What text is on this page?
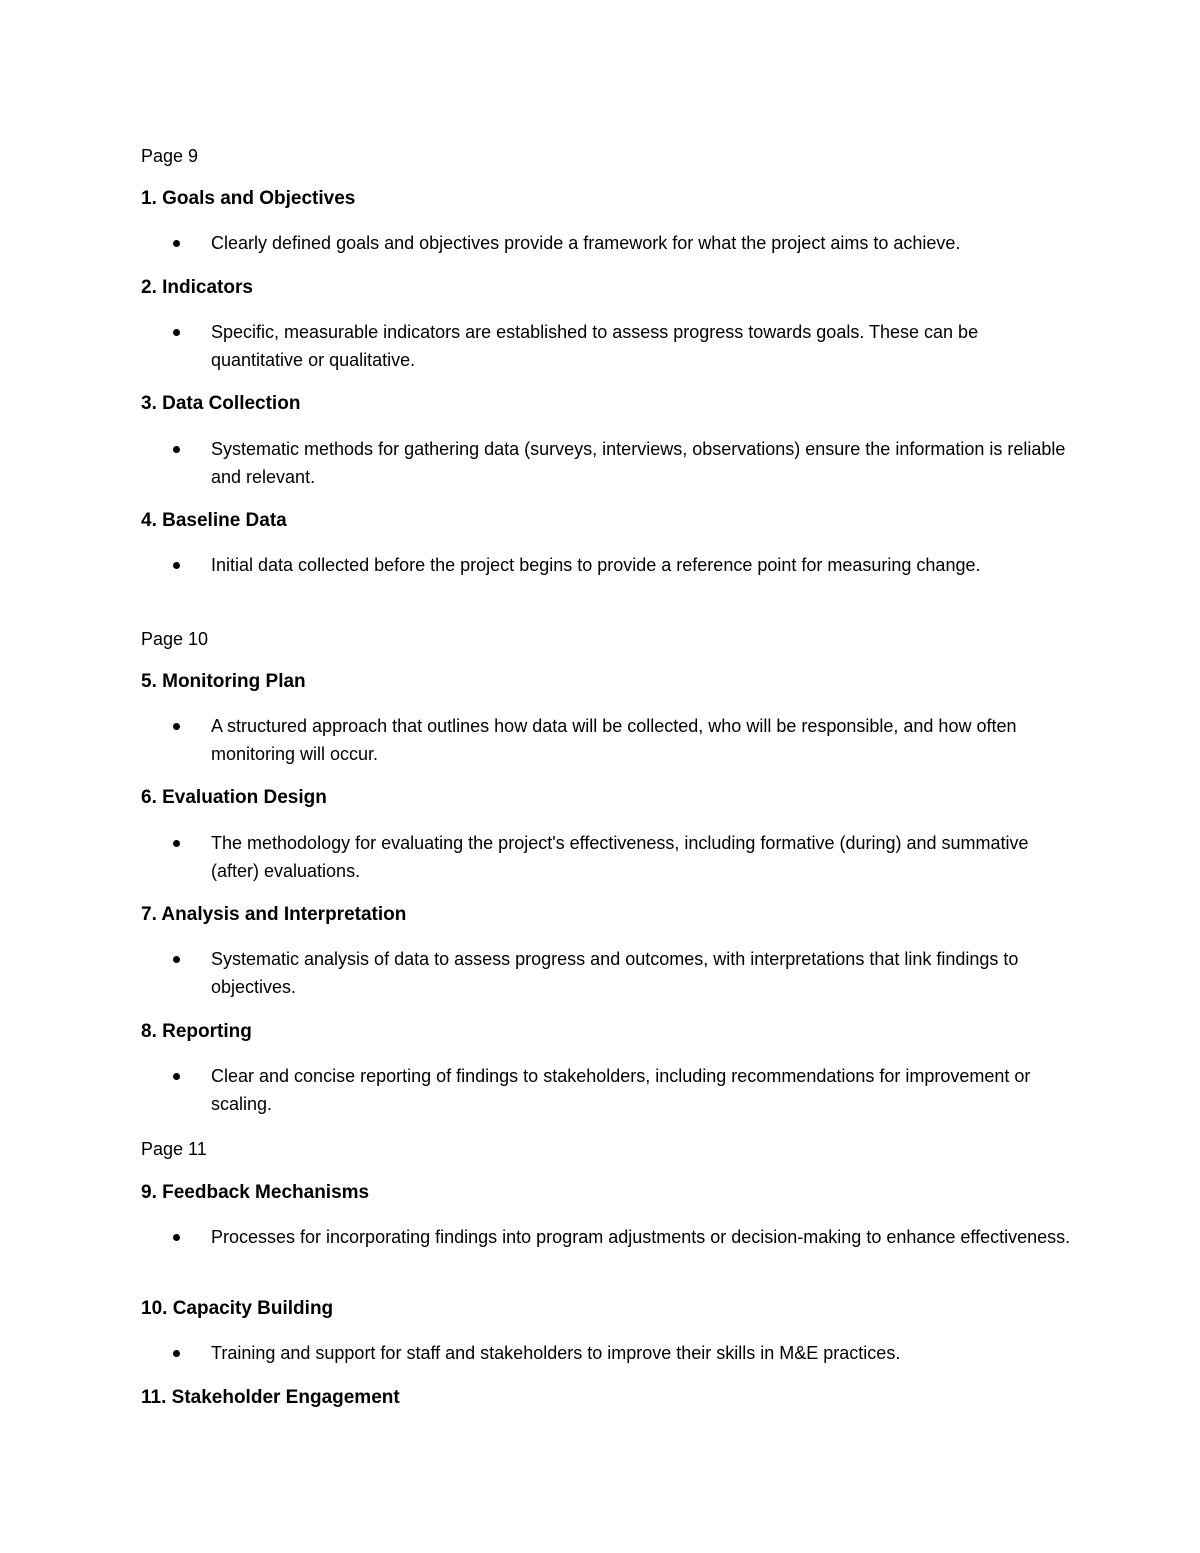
Page 9

1. Goals and Objectives

Clearly defined goals and objectives provide a framework for what the project aims to achieve.

2. Indicators

Specific, measurable indicators are established to assess progress towards goals. These can be quantitative or qualitative.

3. Data Collection

Systematic methods for gathering data (surveys, interviews, observations) ensure the information is reliable and relevant.

4. Baseline Data

Initial data collected before the project begins to provide a reference point for measuring change.

Page 10

5. Monitoring Plan

A structured approach that outlines how data will be collected, who will be responsible, and how often monitoring will occur.

6. Evaluation Design

The methodology for evaluating the project's effectiveness, including formative (during) and summative (after) evaluations.

7. Analysis and Interpretation

Systematic analysis of data to assess progress and outcomes, with interpretations that link findings to objectives.

8. Reporting

Clear and concise reporting of findings to stakeholders, including recommendations for improvement or scaling.

Page 11

9. Feedback Mechanisms

Processes for incorporating findings into program adjustments or decision-making to enhance effectiveness.

10. Capacity Building

Training and support for staff and stakeholders to improve their skills in M&E practices.

11. Stakeholder Engagement
